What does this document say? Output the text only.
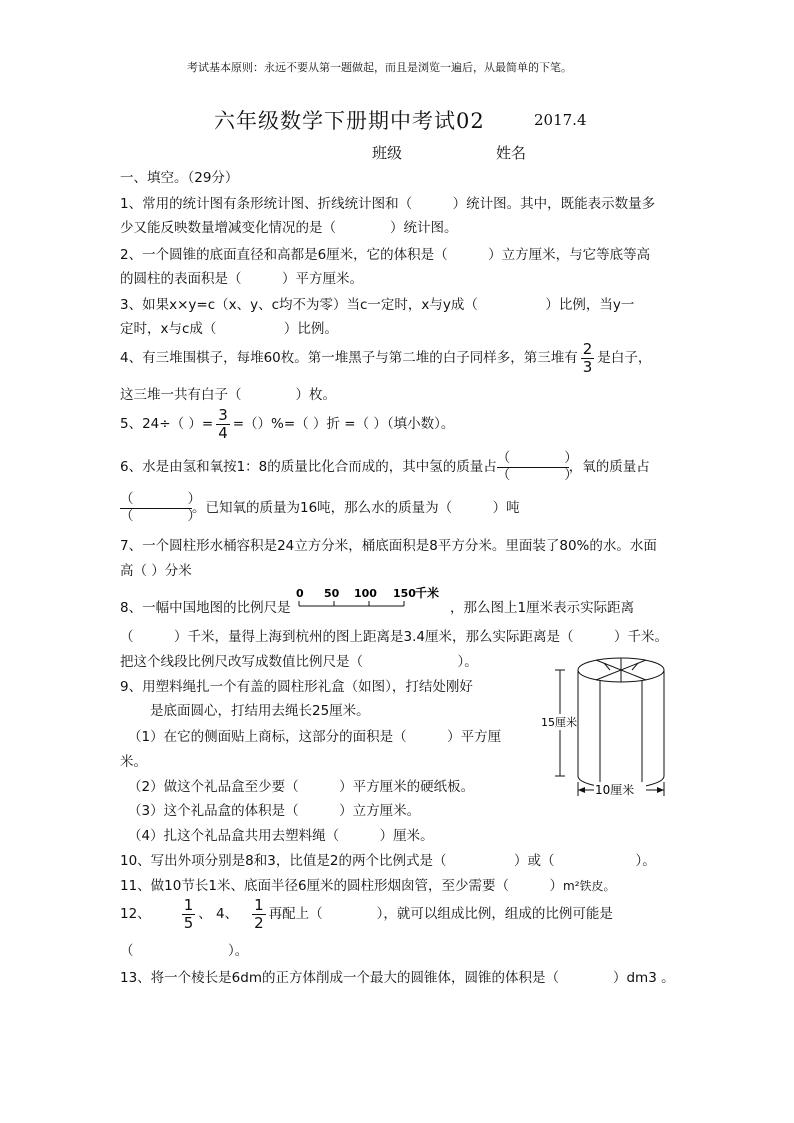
考试基本原则：永远不要从第一题做起，而且是浏览一遍后，从最简单的下笔。
六年级数学下册期中考试02	2017.4
班级	姓名
一、填空。（29分）
1、常用的统计图有条形统计图、折线统计图和（　　　）统计图。其中，既能表示数量多
少又能反映数量增减变化情况的是（　　　　）统计图。
2、一个圆锥的底面直径和高都是6厘米，它的体积是（　　　）立方厘米，与它等底等高
的圆柱的表面积是（　　　）平方厘米。
3、如果x×y=c（x、y、c均不为零）当c一定时，x与y成（　　　　　）比例，当y一
定时，x与c成（　　　　　）比例。
4、有三堆围棋子，每堆60枚。第一堆黑子与第二堆的白子同样多，第三堆有 $\frac{2}{3}$ 是白子，
这三堆一共有白子（　　　　）枚。
5、24÷（ ）= $\frac{3}{4}$ =（）%=（ ）折 =（ ）（填小数）。
6、水是由氢和氧按1：8的质量比化合而成的，其中氢的质量占
（　　　　）
（　　　　），氧的质量占
（　　　　）
（　　　　）。已知氧的质量为16吨，那么水的质量为（　　　）吨
7、一个圆柱形水桶容积是24立方分米，桶底面积是8平方分米。里面装了80%的水。水面
高（ ）分米
8、一幅中国地图的比例尺是
0 50 100 150 千米
，那么图上1厘米表示实际距离
（　　　）千米，量得上海到杭州的图上距离是3.4厘米，那么实际距离是（　　　）千米。
把这个线段比例尺改写成数值比例尺是（　　　　　　　）。
9、用塑料绳扎一个有盖的圆柱形礼盒（如图），打结处刚好
是底面圆心，打结用去绳长25厘米。
（1）在它的侧面贴上商标，这部分的面积是（　　　）平方厘
米。
（2）做这个礼品盒至少要（　　　）平方厘米的硬纸板。
（3）这个礼品盒的体积是（　　　）立方厘米。
（4）扎这个礼品盒共用去塑料绳（　　　）厘米。
15厘米
10厘米
10、写出外项分别是8和3，比值是2的两个比例式是（　　　　　）或（　　　　　　）。
11、做10节长1米、底面半径6厘米的圆柱形烟囱管，至少需要（　　　）m²铁皮。
12、 $\frac{1}{5}$ 、 4、 $\frac{1}{2}$ 再配上（　　　　），就可以组成比例，组成的比例可能是
（　　　　　　　）。
13、将一个棱长是6dm的正方体削成一个最大的圆锥体，圆锥的体积是（　　　　）dm3 。
